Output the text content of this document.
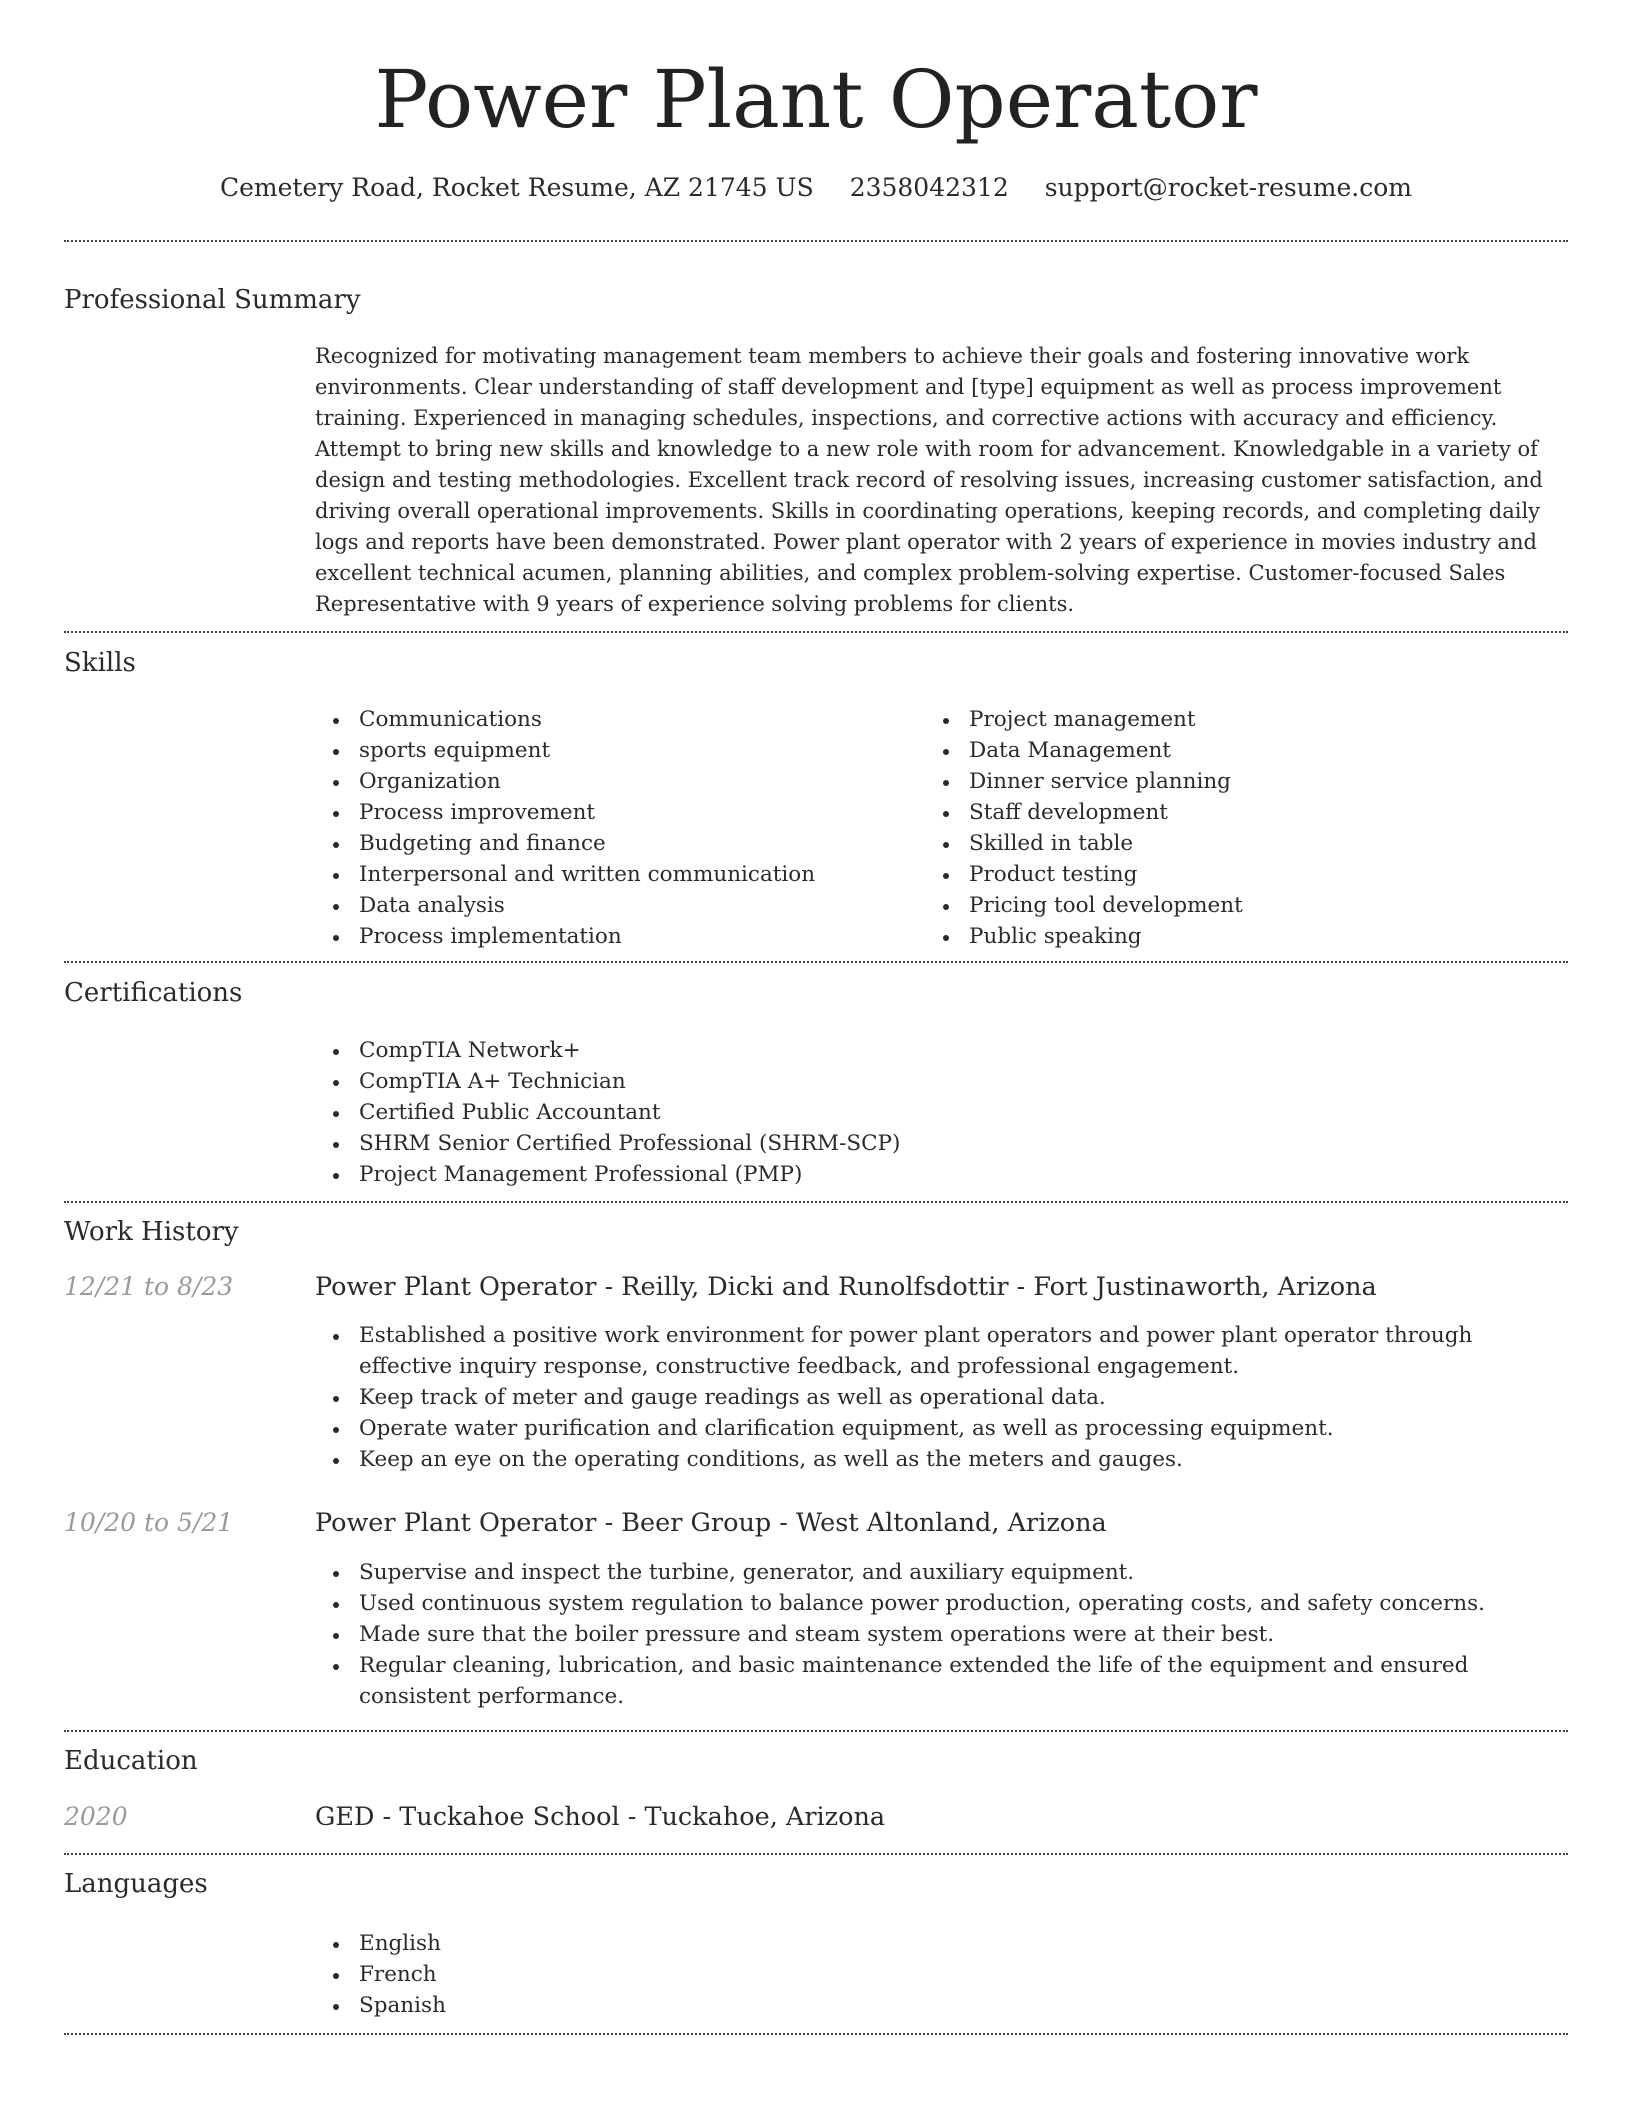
Power Plant Operator
Cemetery Road, Rocket Resume, AZ 21745 US 2358042312 support@rocket-resume.com
Professional Summary

Recognized for motivating management team members to achieve their goals and fostering innovative work environments. Clear understanding of staff development and [type] equipment as well as process improvement training. Experienced in managing schedules, inspections, and corrective actions with accuracy and efficiency. Attempt to bring new skills and knowledge to a new role with room for advancement. Knowledgable in a variety of design and testing methodologies. Excellent track record of resolving issues, increasing customer satisfaction, and driving overall operational improvements. Skills in coordinating operations, keeping records, and completing daily logs and reports have been demonstrated. Power plant operator with 2 years of experience in movies industry and excellent technical acumen, planning abilities, and complex problem-solving expertise. Customer-focused Sales Representative with 9 years of experience solving problems for clients.

Skills
Communications
sports equipment
Organization
Process improvement
Budgeting and finance
Interpersonal and written communication
Data analysis
Process implementation
Project management
Data Management
Dinner service planning
Staff development
Skilled in table
Product testing
Pricing tool development
Public speaking
Certifications
CompTIA Network+
CompTIA A+ Technician
Certified Public Accountant
SHRM Senior Certified Professional (SHRM-SCP)
Project Management Professional (PMP)
Work History
12/21 to 8/23	Power Plant Operator - Reilly, Dicki and Runolfsdottir - Fort Justinaworth, Arizona
Established a positive work environment for power plant operators and power plant operator through effective inquiry response, constructive feedback, and professional engagement.
Keep track of meter and gauge readings as well as operational data.
Operate water purification and clarification equipment, as well as processing equipment.
Keep an eye on the operating conditions, as well as the meters and gauges.
10/20 to 5/21	Power Plant Operator - Beer Group - West Altonland, Arizona
Supervise and inspect the turbine, generator, and auxiliary equipment.
Used continuous system regulation to balance power production, operating costs, and safety concerns.
Made sure that the boiler pressure and steam system operations were at their best.
Regular cleaning, lubrication, and basic maintenance extended the life of the equipment and ensured consistent performance.
Education
2020	GED - Tuckahoe School - Tuckahoe, Arizona
Languages
English
French
Spanish
